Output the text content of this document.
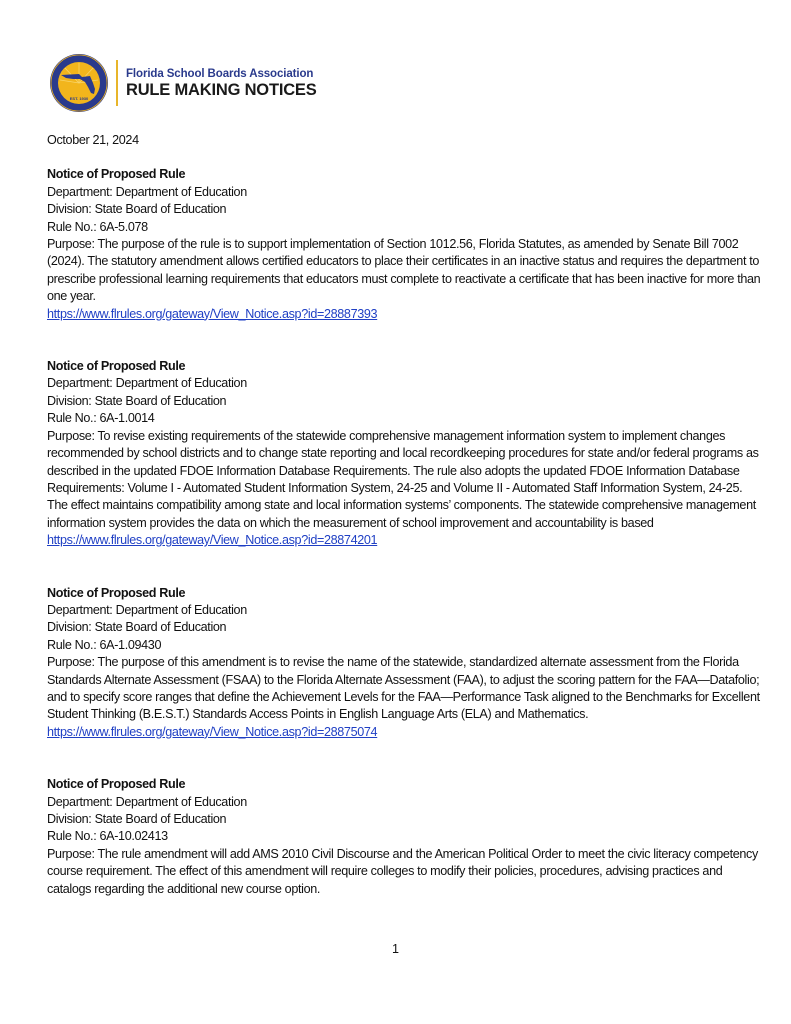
EST. 1930
Florida School Boards Association
RULE MAKING NOTICES

October 21, 2024

Notice of Proposed Rule
Department: Department of Education
Division: State Board of Education
Rule No.: 6A-5.078
Purpose: The purpose of the rule is to support implementation of Section 1012.56, Florida Statutes, as amended by Senate Bill 7002 (2024). The statutory amendment allows certified educators to place their certificates in an inactive status and requires the department to prescribe professional learning requirements that educators must complete to reactivate a certificate that has been inactive for more than one year.
https://www.flrules.org/gateway/View_Notice.asp?id=28887393
Notice of Proposed Rule
Department: Department of Education
Division: State Board of Education
Rule No.: 6A-1.0014
Purpose: To revise existing requirements of the statewide comprehensive management information system to implement changes recommended by school districts and to change state reporting and local recordkeeping procedures for state and/or federal programs as described in the updated FDOE Information Database Requirements. The rule also adopts the updated FDOE Information Database Requirements: Volume I - Automated Student Information System, 24-25 and Volume II - Automated Staff Information System, 24-25. The effect maintains compatibility among state and local information systems’ components. The statewide comprehensive management information system provides the data on which the measurement of school improvement and accountability is based
https://www.flrules.org/gateway/View_Notice.asp?id=28874201
Notice of Proposed Rule
Department: Department of Education
Division: State Board of Education
Rule No.: 6A-1.09430
Purpose: The purpose of this amendment is to revise the name of the statewide, standardized alternate assessment from the Florida Standards Alternate Assessment (FSAA) to the Florida Alternate Assessment (FAA), to adjust the scoring pattern for the FAA—Datafolio; and to specify score ranges that define the Achievement Levels for the FAA—Performance Task aligned to the Benchmarks for Excellent Student Thinking (B.E.S.T.) Standards Access Points in English Language Arts (ELA) and Mathematics.
https://www.flrules.org/gateway/View_Notice.asp?id=28875074
Notice of Proposed Rule
Department: Department of Education
Division: State Board of Education
Rule No.: 6A-10.02413
Purpose: The rule amendment will add AMS 2010 Civil Discourse and the American Political Order to meet the civic literacy competency course requirement. The effect of this amendment will require colleges to modify their policies, procedures, advising practices and catalogs regarding the additional new course option.
1
